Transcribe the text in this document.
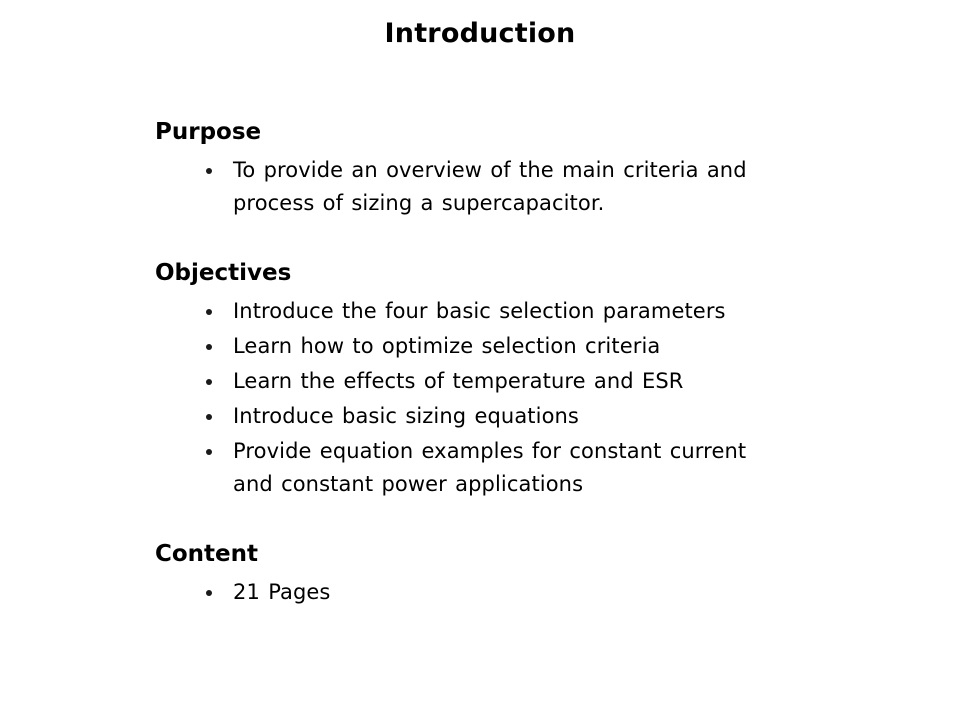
Introduction
Purpose
To provide an overview of the main criteria and
process of sizing a supercapacitor.
Objectives
Introduce the four basic selection parameters
Learn how to optimize selection criteria
Learn the effects of temperature and ESR
Introduce basic sizing equations
Provide equation examples for constant current
and constant power applications
Content
21 Pages
